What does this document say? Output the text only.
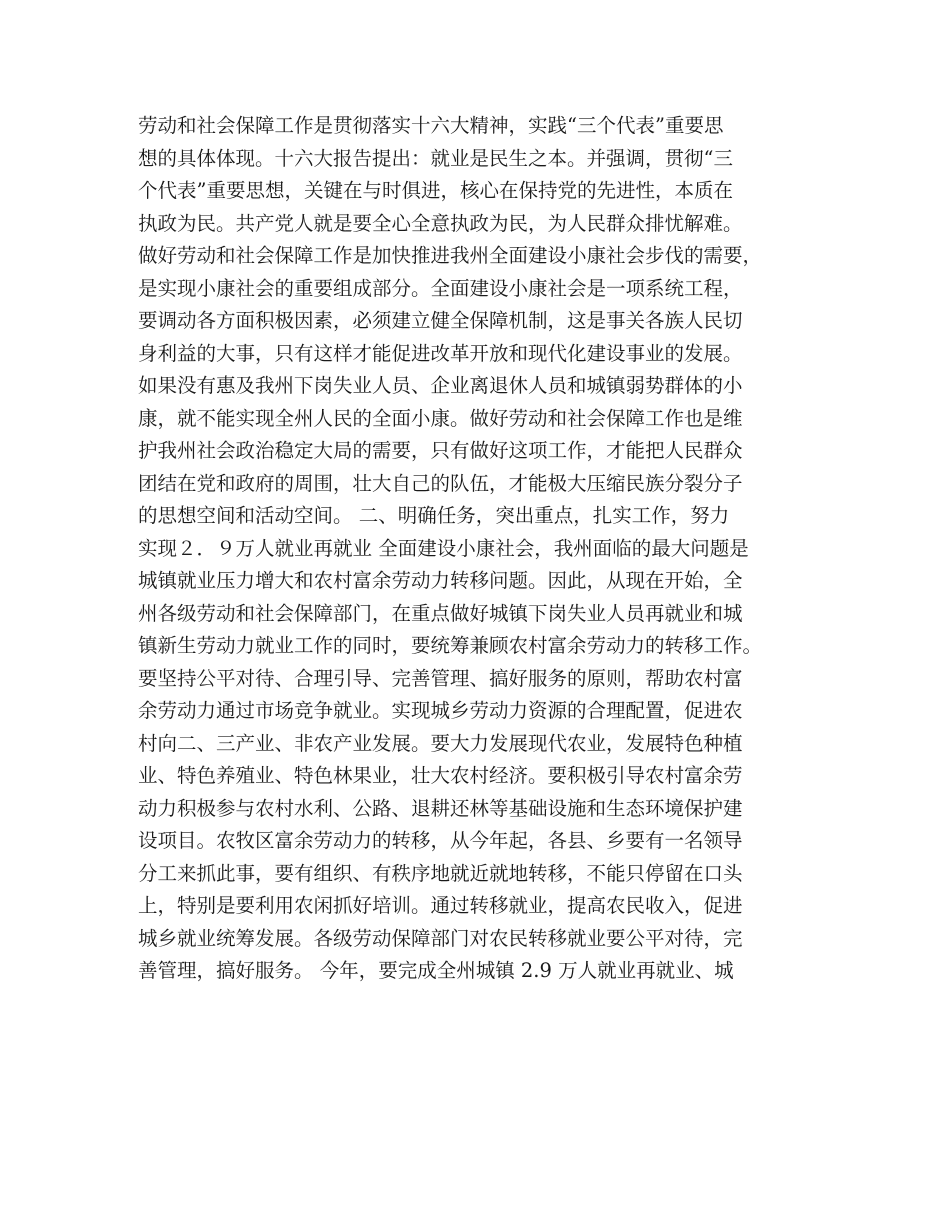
劳动和社会保障工作是贯彻落实十六大精神，实践“三个代表”重要思
想的具体体现。十六大报告提出：就业是民生之本。并强调，贯彻“三
个代表”重要思想，关键在与时俱进，核心在保持党的先进性，本质在
执政为民。共产党人就是要全心全意执政为民，为人民群众排忧解难。
做好劳动和社会保障工作是加快推进我州全面建设小康社会步伐的需要，
是实现小康社会的重要组成部分。全面建设小康社会是一项系统工程，
要调动各方面积极因素，必须建立健全保障机制，这是事关各族人民切
身利益的大事，只有这样才能促进改革开放和现代化建设事业的发展。
如果没有惠及我州下岗失业人员、企业离退休人员和城镇弱势群体的小
康，就不能实现全州人民的全面小康。做好劳动和社会保障工作也是维
护我州社会政治稳定大局的需要，只有做好这项工作，才能把人民群众
团结在党和政府的周围，壮大自己的队伍，才能极大压缩民族分裂分子
的思想空间和活动空间。 二、明确任务，突出重点，扎实工作，努力
实现２．９万人就业再就业 全面建设小康社会，我州面临的最大问题是
城镇就业压力增大和农村富余劳动力转移问题。因此，从现在开始，全
州各级劳动和社会保障部门，在重点做好城镇下岗失业人员再就业和城
镇新生劳动力就业工作的同时，要统筹兼顾农村富余劳动力的转移工作。
要坚持公平对待、合理引导、完善管理、搞好服务的原则，帮助农村富
余劳动力通过市场竞争就业。实现城乡劳动力资源的合理配置，促进农
村向二、三产业、非农产业发展。要大力发展现代农业，发展特色种植
业、特色养殖业、特色林果业，壮大农村经济。要积极引导农村富余劳
动力积极参与农村水利、公路、退耕还林等基础设施和生态环境保护建
设项目。农牧区富余劳动力的转移，从今年起，各县、乡要有一名领导
分工来抓此事，要有组织、有秩序地就近就地转移，不能只停留在口头
上，特别是要利用农闲抓好培训。通过转移就业，提高农民收入，促进
城乡就业统筹发展。各级劳动保障部门对农民转移就业要公平对待，完
善管理，搞好服务。 今年，要完成全州城镇 2.9 万人就业再就业、城
